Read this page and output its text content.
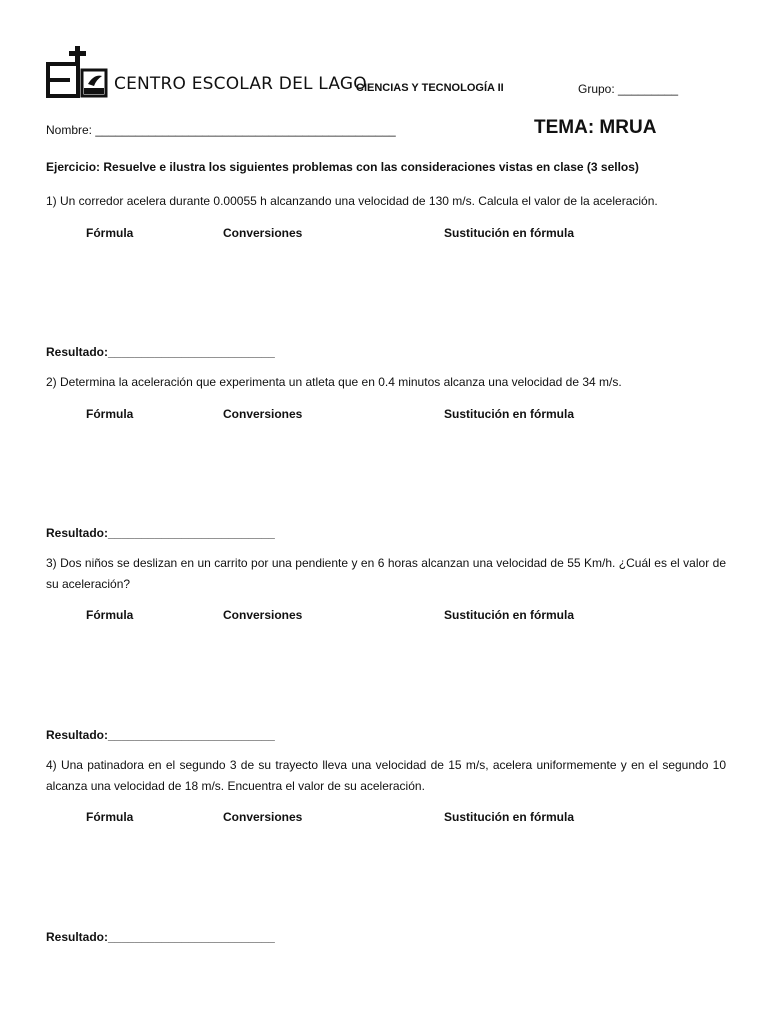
CENTRO ESCOLAR DEL LAGO
CIENCIAS Y TECNOLOGÍA II	Grupo: _________
Nombre: _____________________________________________	TEMA: MRUA
Ejercicio: Resuelve e ilustra los siguientes problemas con las consideraciones vistas en clase (3 sellos)
1) Un corredor acelera durante 0.00055 h alcanzando una velocidad de 130 m/s. Calcula el valor de la aceleración.
Fórmula	Conversiones	Sustitución en fórmula
Resultado:_________________________
2) Determina la aceleración que experimenta un atleta que en 0.4 minutos alcanza una velocidad de 34 m/s.
Fórmula	Conversiones	Sustitución en fórmula
Resultado:_________________________
3) Dos niños se deslizan en un carrito por una pendiente y en 6 horas alcanzan una velocidad de 55 Km/h. ¿Cuál es el valor de su aceleración?
Fórmula	Conversiones	Sustitución en fórmula
Resultado:_________________________
4) Una patinadora en el segundo 3 de su trayecto lleva una velocidad de 15 m/s, acelera uniformemente y en el segundo 10 alcanza una velocidad de 18 m/s. Encuentra el valor de su aceleración.
Fórmula	Conversiones	Sustitución en fórmula
Resultado:_________________________
